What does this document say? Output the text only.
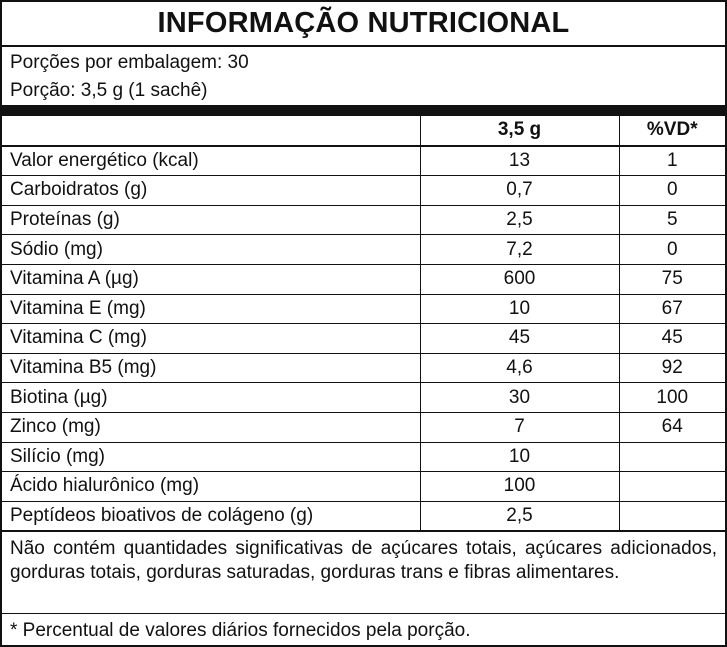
INFORMAÇÃO NUTRICIONAL
Porções por embalagem: 30
Porção: 3,5 g (1 sachê)
	3,5 g	%VD*
Valor energético (kcal)	13	1
Carboidratos (g)	0,7	0
Proteínas (g)	2,5	5
Sódio (mg)	7,2	0
Vitamina A (µg)	600	75
Vitamina E (mg)	10	67
Vitamina C (mg)	45	45
Vitamina B5 (mg)	4,6	92
Biotina (µg)	30	100
Zinco (mg)	7	64
Silício (mg)	10	
Ácido hialurônico (mg)	100	
Peptídeos bioativos de colágeno (g)	2,5	
Não contém quantidades significativas de açúcares totais, açúcares adicionados, gorduras totais, gorduras saturadas, gorduras trans e fibras alimentares.
* Percentual de valores diários fornecidos pela porção.
